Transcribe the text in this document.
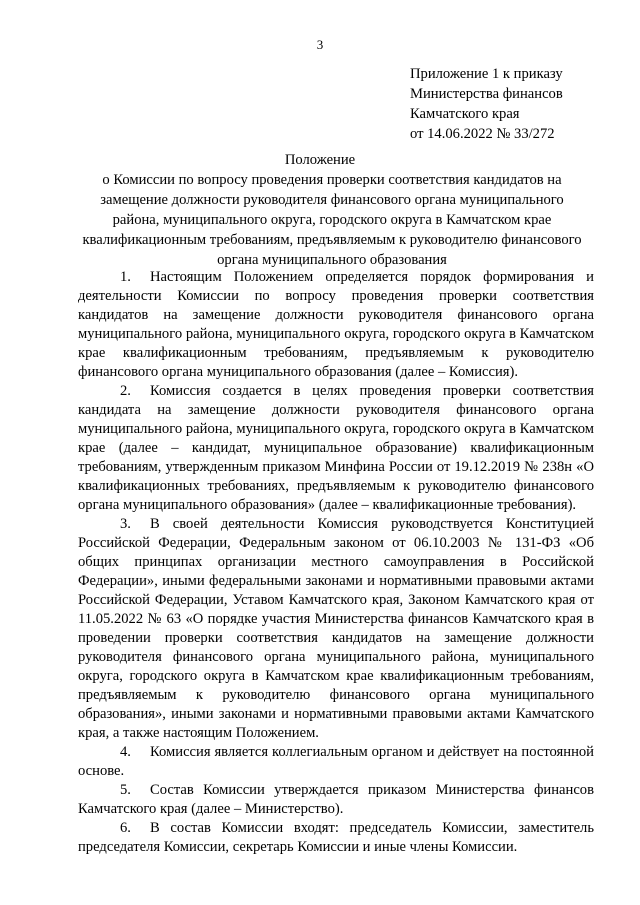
3
Приложение 1 к приказу
Министерства финансов
Камчатского края
от 14.06.2022 № 33/272
Положение
о Комиссии по вопросу проведения проверки соответствия кандидатов на замещение должности руководителя финансового органа муниципального района, муниципального округа, городского округа в Камчатском крае квалификационным требованиям, предъявляемым к руководителю финансового органа муниципального образования

1. Настоящим Положением определяется порядок формирования и деятельности Комиссии по вопросу проведения проверки соответствия кандидатов на замещение должности руководителя финансового органа муниципального района, муниципального округа, городского округа в Камчатском крае квалификационным требованиям, предъявляемым к руководителю финансового органа муниципального образования (далее – Комиссия).

2. Комиссия создается в целях проведения проверки соответствия кандидата на замещение должности руководителя финансового органа муниципального района, муниципального округа, городского округа в Камчатском крае (далее – кандидат, муниципальное образование) квалификационным требованиям, утвержденным приказом Минфина России от 19.12.2019 № 238н «О квалификационных требованиях, предъявляемым к руководителю финансового органа муниципального образования» (далее – квалификационные требования).

3. В своей деятельности Комиссия руководствуется Конституцией Российской Федерации, Федеральным законом от 06.10.2003 № 131-ФЗ «Об общих принципах организации местного самоуправления в Российской Федерации», иными федеральными законами и нормативными правовыми актами Российской Федерации, Уставом Камчатского края, Законом Камчатского края от 11.05.2022 № 63 «О порядке участия Министерства финансов Камчатского края в проведении проверки соответствия кандидатов на замещение должности руководителя финансового органа муниципального района, муниципального округа, городского округа в Камчатском крае квалификационным требованиям, предъявляемым к руководителю финансового органа муниципального образования», иными законами и нормативными правовыми актами Камчатского края, а также настоящим Положением.

4. Комиссия является коллегиальным органом и действует на постоянной основе.

5. Состав Комиссии утверждается приказом Министерства финансов Камчатского края (далее – Министерство).

6. В состав Комиссии входят: председатель Комиссии, заместитель председателя Комиссии, секретарь Комиссии и иные члены Комиссии.
